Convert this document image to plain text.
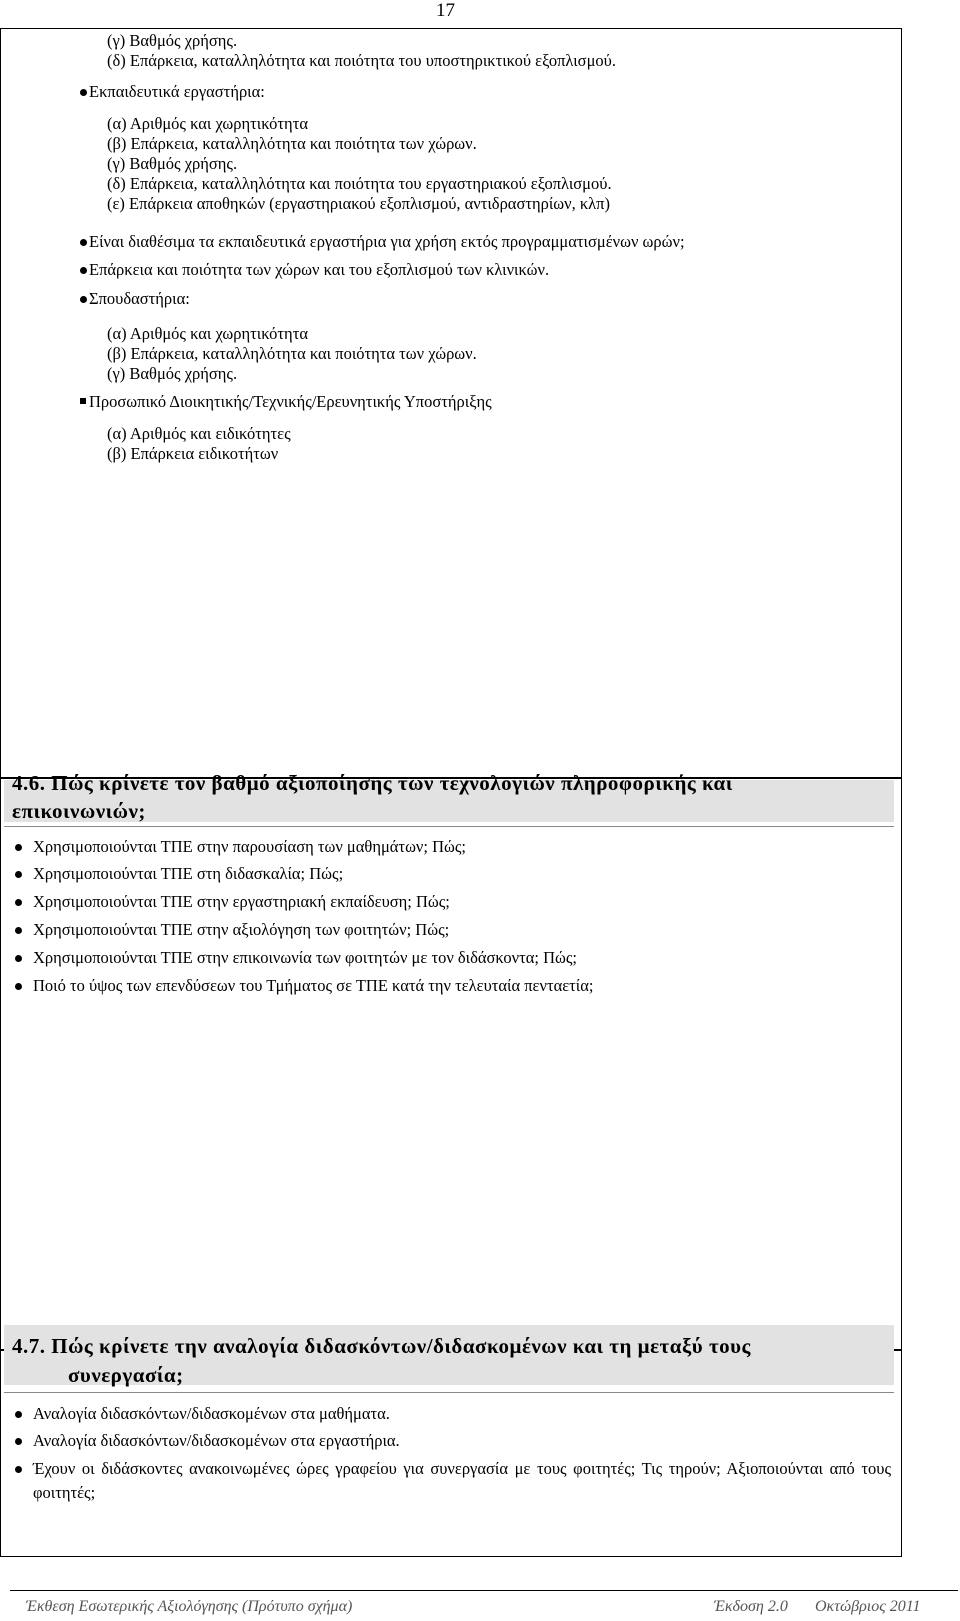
17
(γ) Βαθμός χρήσης.
(δ) Επάρκεια, καταλληλότητα και ποιότητα του υποστηρικτικού εξοπλισμού.
Εκπαιδευτικά εργαστήρια:
(α) Αριθμός και χωρητικότητα
(β) Επάρκεια, καταλληλότητα και ποιότητα των χώρων.
(γ) Βαθμός χρήσης.
(δ) Επάρκεια, καταλληλότητα και ποιότητα του εργαστηριακού εξοπλισμού.
(ε) Επάρκεια αποθηκών (εργαστηριακού εξοπλισμού, αντιδραστηρίων, κλπ)
Είναι διαθέσιμα τα εκπαιδευτικά εργαστήρια για χρήση εκτός προγραμματισμένων ωρών;
Επάρκεια και ποιότητα των χώρων και του εξοπλισμού των κλινικών.
Σπουδαστήρια:
(α) Αριθμός και χωρητικότητα
(β) Επάρκεια, καταλληλότητα και ποιότητα των χώρων.
(γ) Βαθμός χρήσης.
Προσωπικό Διοικητικής/Τεχνικής/Ερευνητικής Υποστήριξης
(α) Αριθμός και ειδικότητες
(β) Επάρκεια ειδικοτήτων
4.6. Πώς κρίνετε τον βαθμό αξιοποίησης των τεχνολογιών πληροφορικής και
επικοινωνιών;
Χρησιμοποιούνται ΤΠΕ στην παρουσίαση των μαθημάτων; Πώς;
Χρησιμοποιούνται ΤΠΕ στη διδασκαλία; Πώς;
Χρησιμοποιούνται ΤΠΕ στην εργαστηριακή εκπαίδευση; Πώς;
Χρησιμοποιούνται ΤΠΕ στην αξιολόγηση των φοιτητών; Πώς;
Χρησιμοποιούνται ΤΠΕ στην επικοινωνία των φοιτητών με τον διδάσκοντα; Πώς;
Ποιό το ύψος των επενδύσεων του Τμήματος σε ΤΠΕ κατά την τελευταία πενταετία;
4.7. Πώς κρίνετε την αναλογία διδασκόντων/διδασκομένων και τη μεταξύ τους
συνεργασία;
Αναλογία διδασκόντων/διδασκομένων στα μαθήματα.
Αναλογία διδασκόντων/διδασκομένων στα εργαστήρια.
Έχουν οι διδάσκοντες ανακοινωμένες ώρες γραφείου για συνεργασία με τους φοιτητές; Τις τηρούν; Αξιοποιούνται από τους φοιτητές;
Έκθεση Εσωτερικής Αξιολόγησης (Πρότυπο σχήμα)	Έκδοση 2.0 Οκτώβριος 2011
